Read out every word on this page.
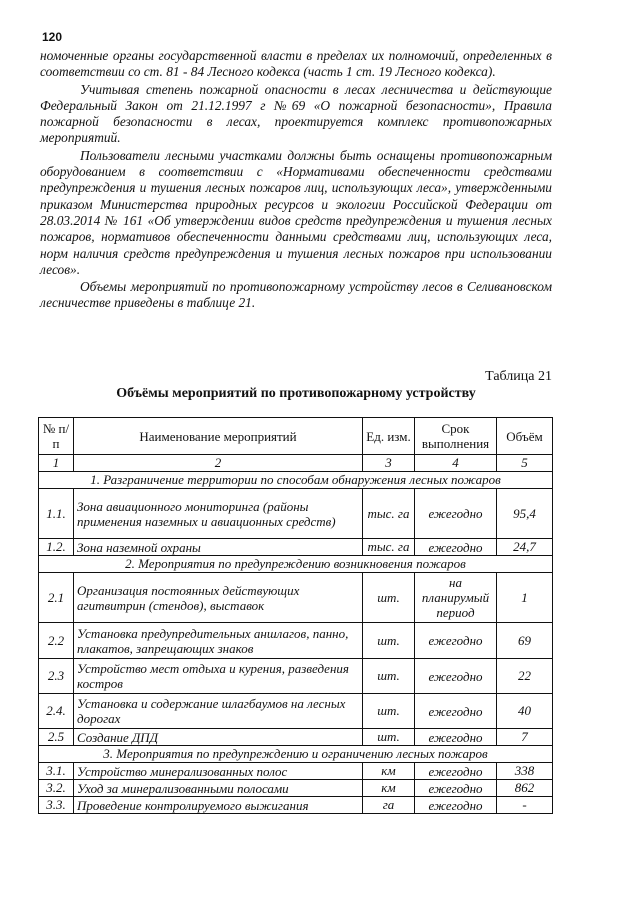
120

номоченные органы государственной власти в пределах их полномочий, определенных в соответствии со ст. 81 - 84 Лесного кодекса (часть 1 ст. 19 Лесного кодекса).

Учитывая степень пожарной опасности в лесах лесничества и действующие Федеральный Закон от 21.12.1997 г №69 «О пожарной безопасности», Правила пожарной безопасности в лесах, проектируется комплекс противопожарных мероприятий.

Пользователи лесными участками должны быть оснащены противопожарным оборудованием в соответствии с «Нормативами обеспеченности средствами предупреждения и тушения лесных пожаров лиц, использующих леса», утвержденными приказом Министерства природных ресурсов и экологии Российской Федерации от 28.03.2014 № 161 «Об утверждении видов средств предупреждения и тушения лесных пожаров, нормативов обеспеченности данными средствами лиц, использующих леса, норм наличия средств предупреждения и тушения лесных пожаров при использовании лесов».

Объемы мероприятий по противопожарному устройству лесов в Селивановском лесничестве приведены в таблице 21.

Таблица 21
Объёмы мероприятий по противопожарному устройству
№ п/п	Наименование мероприятий	Ед. изм.	Срок выполнения	Объём
1	2	3	4	5
1. Разграничение территории по способам обнаружения лесных пожаров				
1.1.	Зона авиационного мониторинга (районы применения наземных и авиационных средств)	тыс. га	ежегодно	95,4
1.2.	Зона наземной охраны	тыс. га	ежегодно	24,7
2. Мероприятия по предупреждению возникновения пожаров				
2.1	Организация постоянных действующих агитвитрин (стендов), выставок	шт.	на планирумый период	1
2.2	Установка предупредительных аншлагов, панно, плакатов, запрещающих знаков	шт.	ежегодно	69
2.3	Устройство мест отдыха и курения, разведения костров	шт.	ежегодно	22
2.4.	Установка и содержание шлагбаумов на лесных дорогах	шт.	ежегодно	40
2.5	Создание ДПД	шт.	ежегодно	7
3. Мероприятия по предупреждению и ограничению лесных пожаров				
3.1.	Устройство минерализованных полос	км	ежегодно	338
3.2.	Уход за минерализованными полосами	км	ежегодно	862
3.3.	Проведение контролируемого выжигания	га	ежегодно	-
